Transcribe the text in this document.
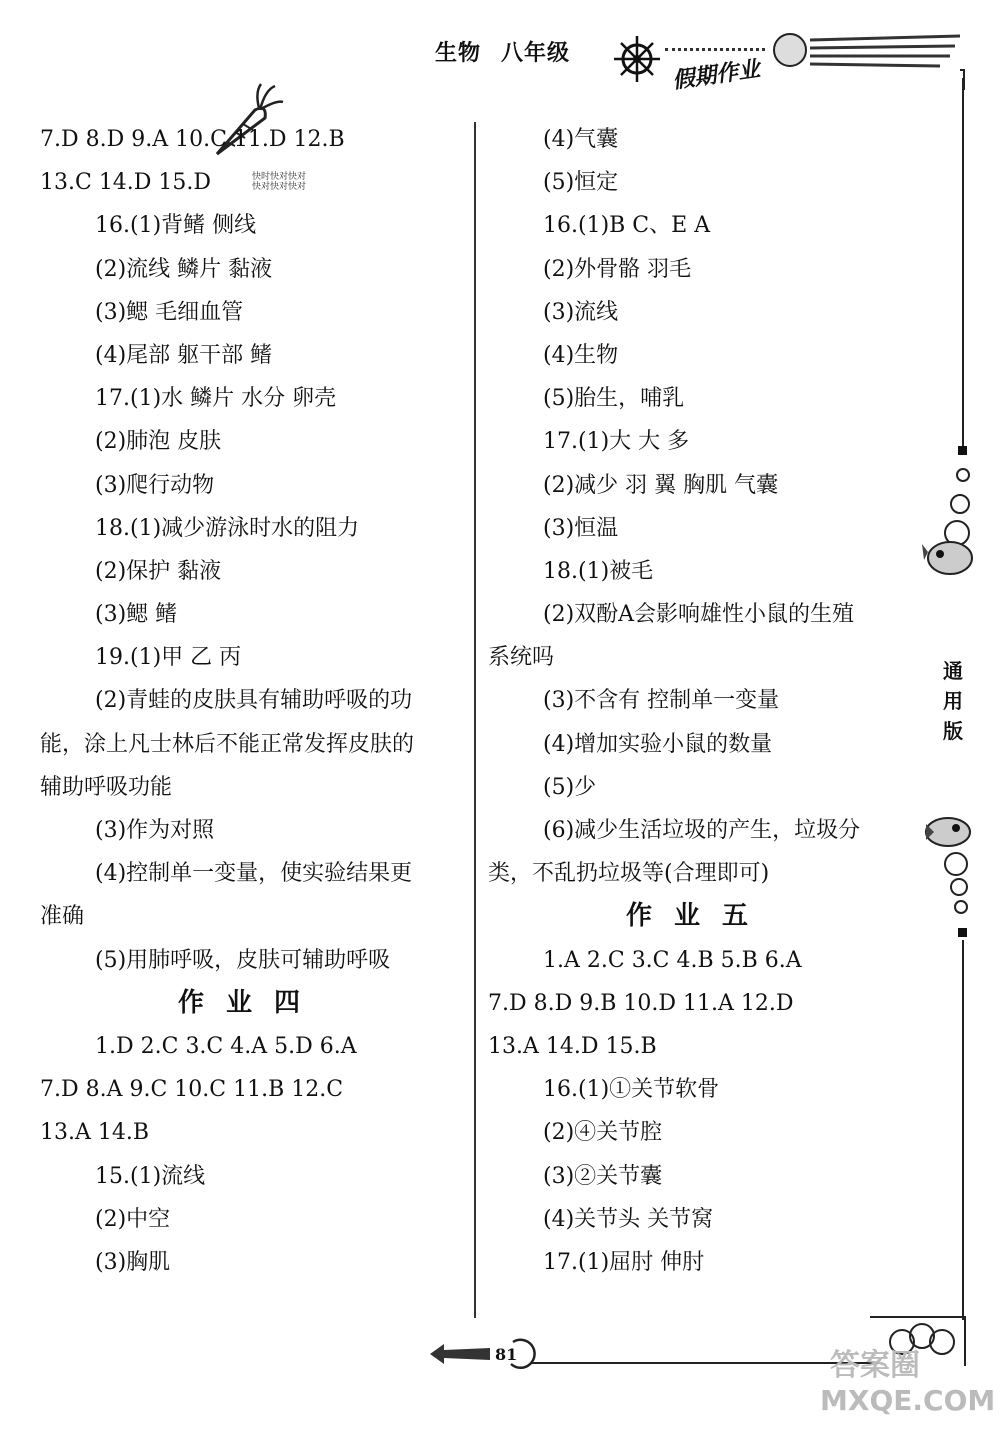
生物 八年级
假期作业
快时快对快对
快对快对快对
7.D 8.D 9.A 10.C 11.D 12.B
13.C 14.D 15.D
16.(1)背鳍 侧线
(2)流线 鳞片 黏液
(3)鳃 毛细血管
(4)尾部 躯干部 鳍
17.(1)水 鳞片 水分 卵壳
(2)肺泡 皮肤
(3)爬行动物
18.(1)减少游泳时水的阻力
(2)保护 黏液
(3)鳃 鳍
19.(1)甲 乙 丙
(2)青蛙的皮肤具有辅助呼吸的功
能，涂上凡士林后不能正常发挥皮肤的
辅助呼吸功能
(3)作为对照
(4)控制单一变量，使实验结果更
准确
(5)用肺呼吸，皮肤可辅助呼吸
作业四
1.D 2.C 3.C 4.A 5.D 6.A
7.D 8.A 9.C 10.C 11.B 12.C
13.A 14.B
15.(1)流线
(2)中空
(3)胸肌
(4)气囊
(5)恒定
16.(1)B C、E A
(2)外骨骼 羽毛
(3)流线
(4)生物
(5)胎生，哺乳
17.(1)大 大 多
(2)减少 羽 翼 胸肌 气囊
(3)恒温
18.(1)被毛
(2)双酚A会影响雄性小鼠的生殖
系统吗
(3)不含有 控制单一变量
(4)增加实验小鼠的数量
(5)少
(6)减少生活垃圾的产生，垃圾分
类，不乱扔垃圾等(合理即可)
作业五
1.A 2.C 3.C 4.B 5.B 6.A
7.D 8.D 9.B 10.D 11.A 12.D
13.A 14.D 15.B
16.(1)①关节软骨
(2)④关节腔
(3)②关节囊
(4)关节头 关节窝
17.(1)屈肘 伸肘
通用版
81	答案圈
MXQE.COM
